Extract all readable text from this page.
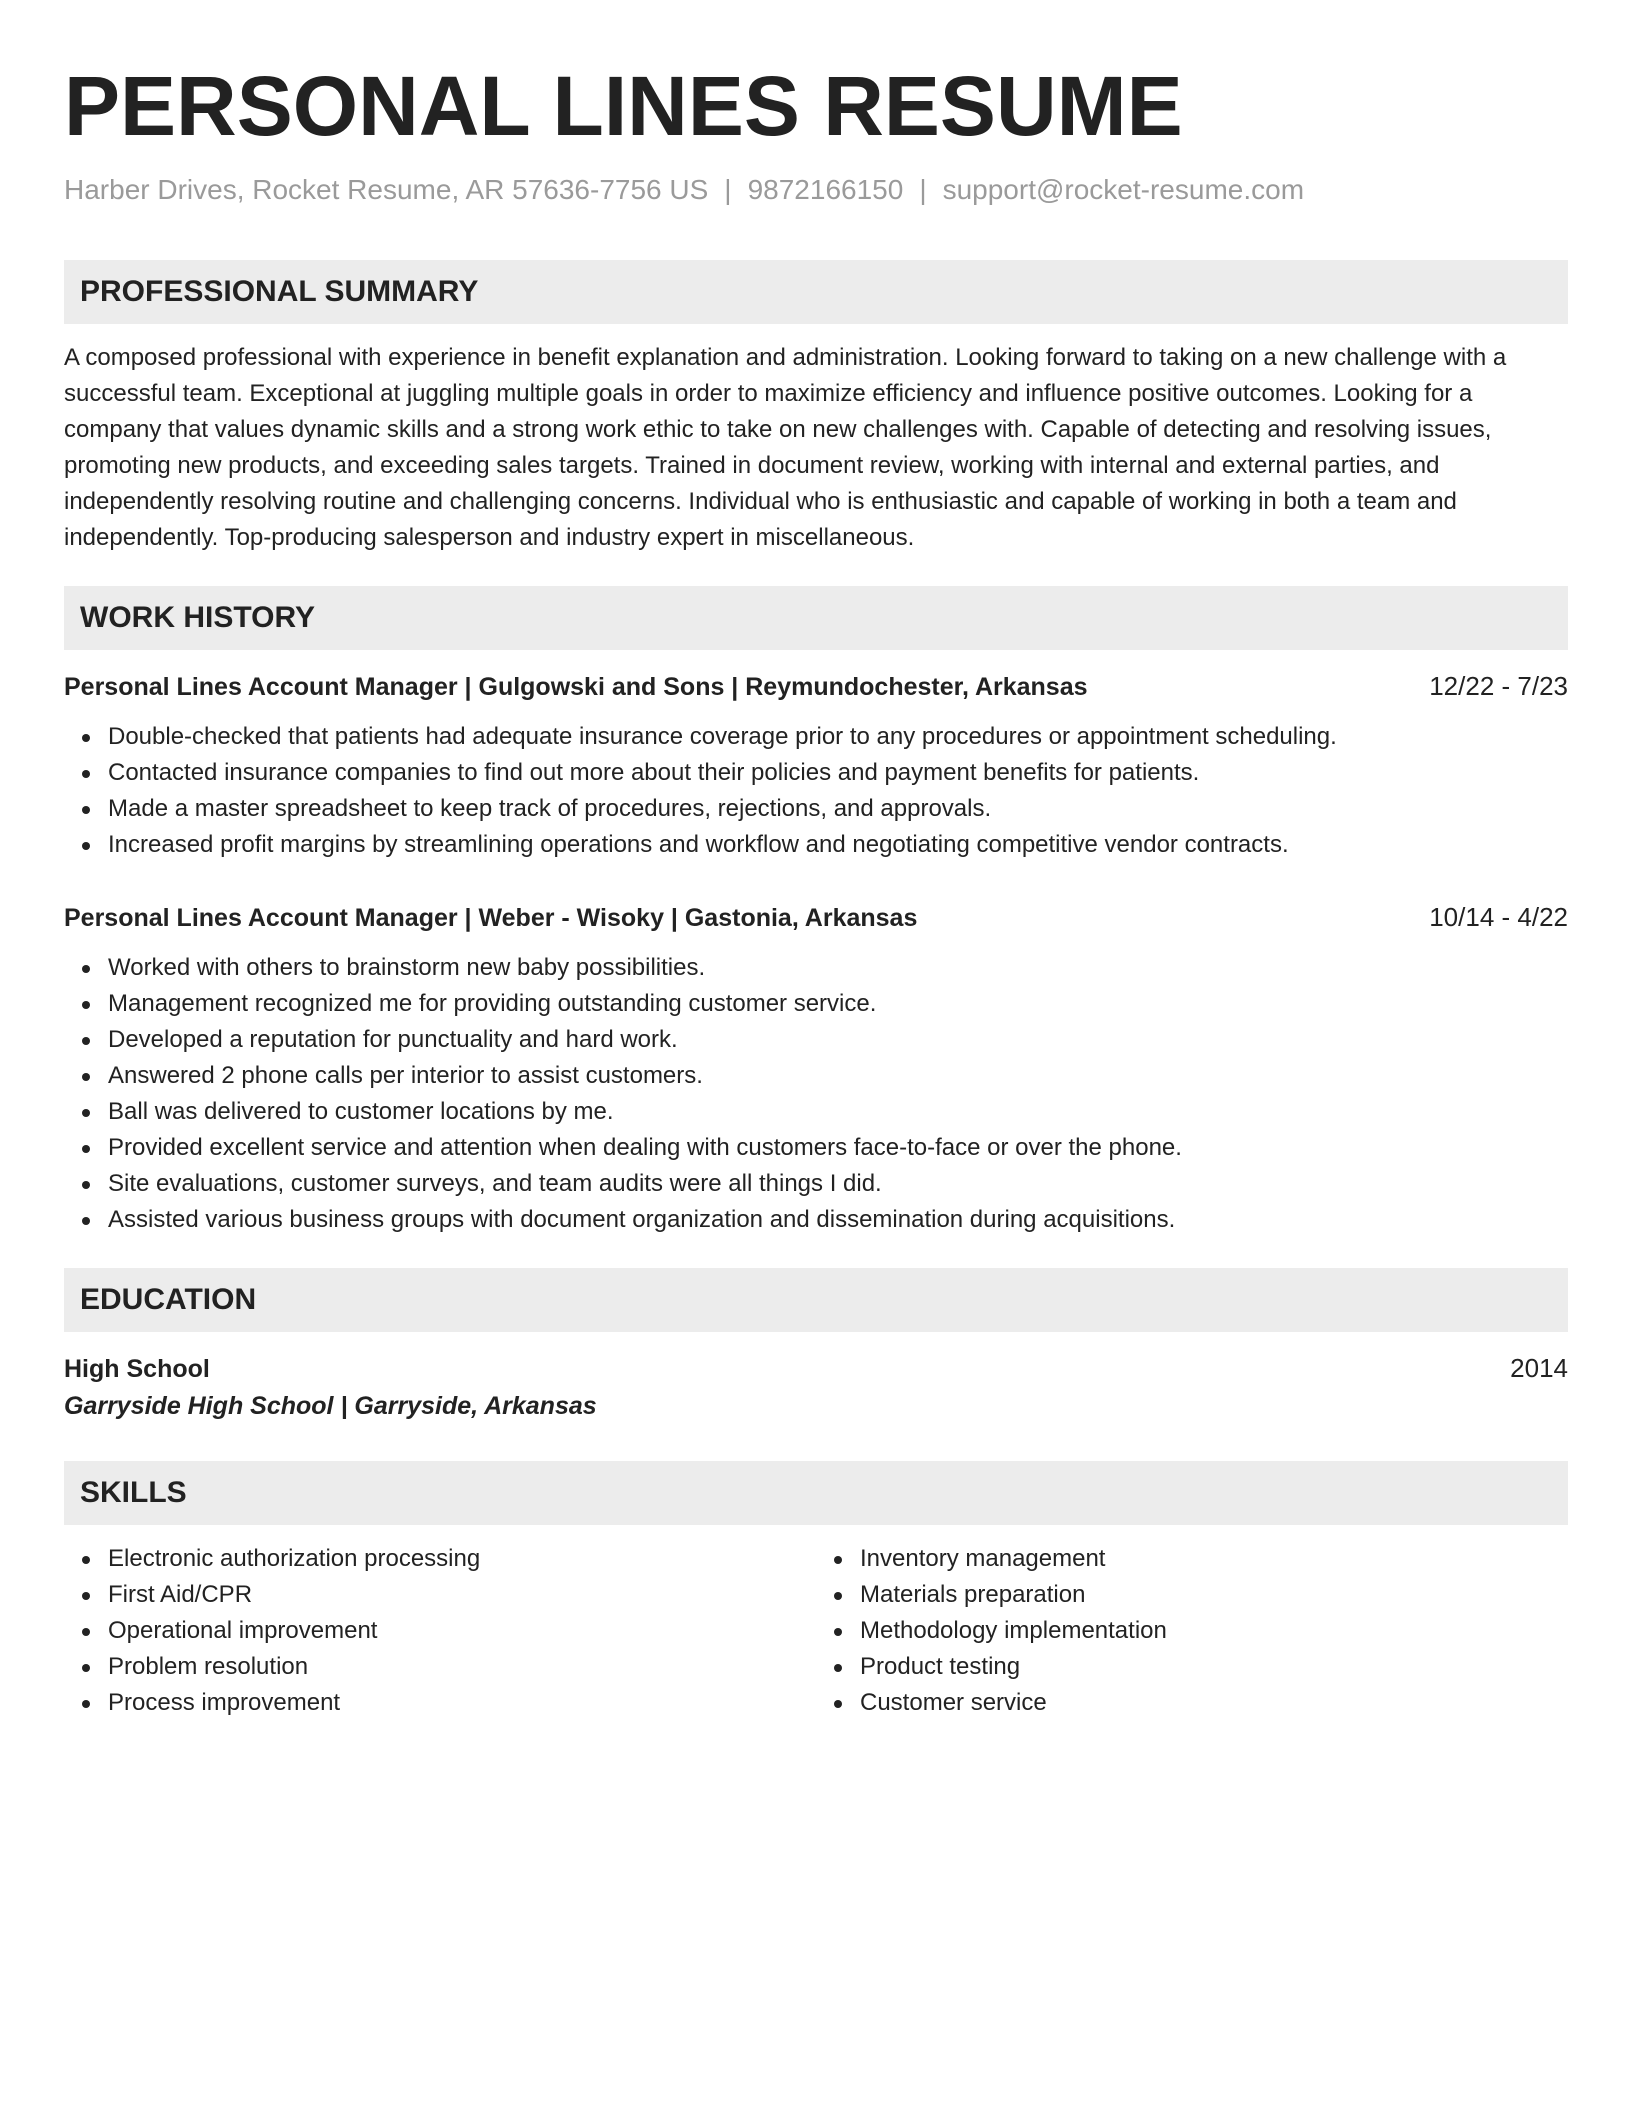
PERSONAL LINES RESUME
Harber Drives, Rocket Resume, AR 57636-7756 US | 9872166150 | support@rocket-resume.com
PROFESSIONAL SUMMARY
A composed professional with experience in benefit explanation and administration. Looking forward to taking on a new challenge with a successful team. Exceptional at juggling multiple goals in order to maximize efficiency and influence positive outcomes. Looking for a company that values dynamic skills and a strong work ethic to take on new challenges with. Capable of detecting and resolving issues, promoting new products, and exceeding sales targets. Trained in document review, working with internal and external parties, and independently resolving routine and challenging concerns. Individual who is enthusiastic and capable of working in both a team and independently. Top-producing salesperson and industry expert in miscellaneous.
WORK HISTORY
Personal Lines Account Manager | Gulgowski and Sons | Reymundochester, Arkansas	12/22 - 7/23
Double-checked that patients had adequate insurance coverage prior to any procedures or appointment scheduling.
Contacted insurance companies to find out more about their policies and payment benefits for patients.
Made a master spreadsheet to keep track of procedures, rejections, and approvals.
Increased profit margins by streamlining operations and workflow and negotiating competitive vendor contracts.
Personal Lines Account Manager | Weber - Wisoky | Gastonia, Arkansas	10/14 - 4/22
Worked with others to brainstorm new baby possibilities.
Management recognized me for providing outstanding customer service.
Developed a reputation for punctuality and hard work.
Answered 2 phone calls per interior to assist customers.
Ball was delivered to customer locations by me.
Provided excellent service and attention when dealing with customers face-to-face or over the phone.
Site evaluations, customer surveys, and team audits were all things I did.
Assisted various business groups with document organization and dissemination during acquisitions.
EDUCATION
High School	2014
Garryside High School | Garryside, Arkansas
SKILLS
Electronic authorization processing
First Aid/CPR
Operational improvement
Problem resolution
Process improvement
Inventory management
Materials preparation
Methodology implementation
Product testing
Customer service
